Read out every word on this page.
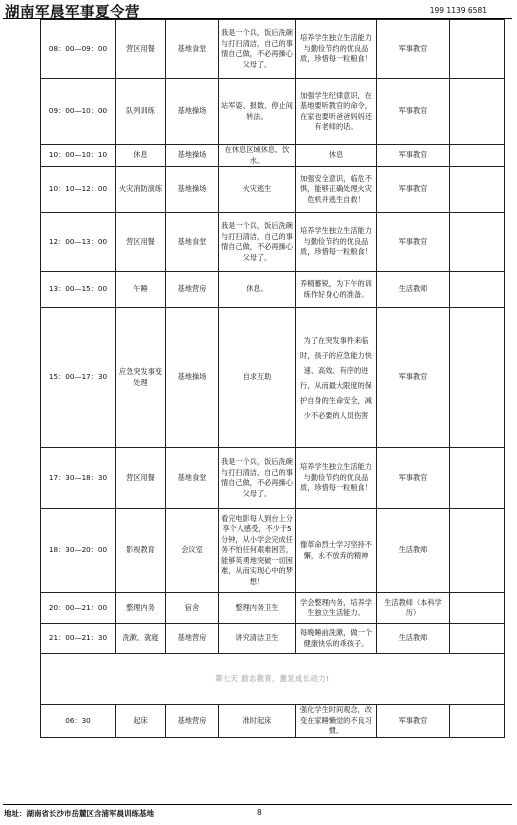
湖南军晨军事夏令营	199 1139 6581
08：00—09：00	营区用餐	基地食堂	我是一个兵，饭后洗碗与打扫清洁，自己的事情自己做，不必再操心父母了。	培养学生独立生活能力与勤俭节约的优良品质，珍惜每一粒粮食！	军事教官	
09：00—10：00	队列训练	基地操场	站军姿、报数、停止间转法。	加强学生纪律意识，在基地要听教官的命令，在家也要听爸爸妈妈还有老师的话。	军事教官	
10：00—10：10	休息	基地操场	在休息区域休息、饮水。	休息	军事教官	
10：10—12：00	火灾消防演练	基地操场	火灾逃生	加强安全意识，临危不惧，能够正确处理火灾危机并逃生自救！	军事教官	
12：00—13：00	营区用餐	基地食堂	我是一个兵，饭后洗碗与打扫清洁，自己的事情自己做，不必再操心父母了。	培养学生独立生活能力与勤俭节约的优良品质，珍惜每一粒粮食！	军事教官	
13：00—15：00	午睡	基地营房	休息。	养精蓄锐，为下午的训练作好身心的准备。	生活教师	
15：00—17：30	应急突发事变处理	基地操场	自求互助	为了在突发事件来临时，孩子的应急能力快速、高效、有序的进行，从而最大限度的保护自身的生命安全，减少不必要的人员伤害	军事教官	
17：30—18：30	营区用餐	基地食堂	我是一个兵，饭后洗碗与打扫清洁，自己的事情自己做，不必再操心父母了。	培养学生独立生活能力与勤俭节约的优良品质，珍惜每一粒粮食！	军事教官	
18：30—20：00	影视教育	会议室	看完电影每人到台上分享个人感受，不少于5分钟，从小学会完成任务不怕任何艰难困苦，能够英勇地突破一切困难，从而实现心中的梦想！	像革命烈士学习坚持不懈，永不放弃的精神	生活教师	
20：00—21：00	整理内务	宿舍	整理内务卫生	学会整理内务，培养学生独立生活能力。	生活教师（本科学历）	
21：00—21：30	洗漱、就寝	基地营房	讲究清洁卫生	每晚睡前洗漱，做一个健康快乐的乖孩子。	生活教师	
第七天 励志教育，激发成长动力!						
06：30	起床	基地营房	准时起床	强化学生时间观念，改变在家睡懒觉的不良习惯。	军事教官	
地址：湖南省长沙市岳麓区含浦军晨训练基地	8
